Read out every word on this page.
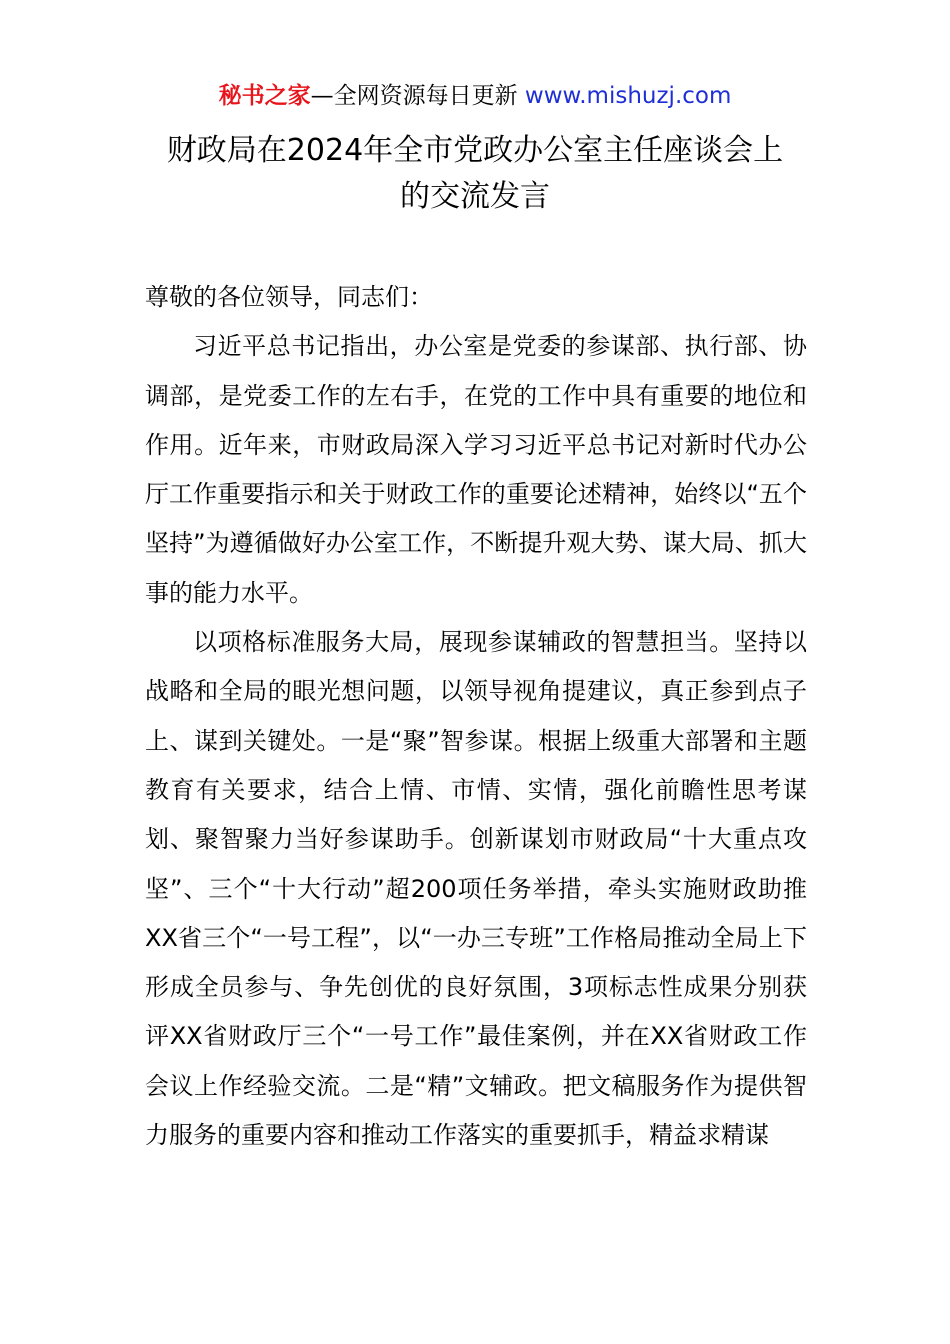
秘书之家—全网资源每日更新 www.mishuzj.com
财政局在2024年全市党政办公室主任座谈会上
的交流发言

尊敬的各位领导，同志们：

习近平总书记指出，办公室是党委的参谋部、执行部、协调部，是党委工作的左右手，在党的工作中具有重要的地位和作用。近年来，市财政局深入学习习近平总书记对新时代办公厅工作重要指示和关于财政工作的重要论述精神，始终以“五个坚持”为遵循做好办公室工作，不断提升观大势、谋大局、抓大事的能力水平。

以项格标准服务大局，展现参谋辅政的智慧担当。坚持以战略和全局的眼光想问题，以领导视角提建议，真正参到点子上、谋到关键处。一是“聚”智参谋。根据上级重大部署和主题教育有关要求，结合上情、市情、实情，强化前瞻性思考谋划、聚智聚力当好参谋助手。创新谋划市财政局“十大重点攻坚”、三个“十大行动”超200项任务举措，牵头实施财政助推XX省三个“一号工程”，以“一办三专班”工作格局推动全局上下形成全员参与、争先创优的良好氛围，3项标志性成果分别获评XX省财政厅三个“一号工作”最佳案例，并在XX省财政工作会议上作经验交流。二是“精”文辅政。把文稿服务作为提供智力服务的重要内容和推动工作落实的重要抓手，精益求精谋
